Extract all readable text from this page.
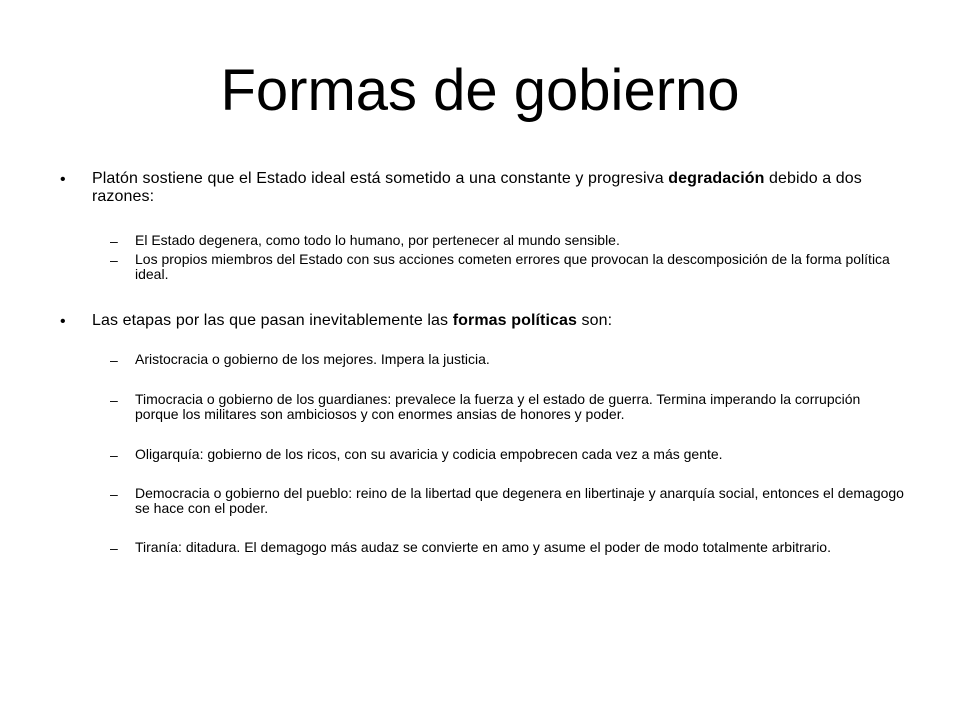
Formas de gobierno
• Platón sostiene que el Estado ideal está sometido a una constante y progresiva degradación debido a dos razones:
– El Estado degenera, como todo lo humano, por pertenecer al mundo sensible.
– Los propios miembros del Estado con sus acciones cometen errores que provocan la descomposición de la forma política ideal.
• Las etapas por las que pasan inevitablemente las formas políticas son:
– Aristocracia o gobierno de los mejores. Impera la justicia.
– Timocracia o gobierno de los guardianes: prevalece la fuerza y el estado de guerra. Termina imperando la corrupción porque los militares son ambiciosos y con enormes ansias de honores y poder.
– Oligarquía: gobierno de los ricos, con su avaricia y codicia empobrecen cada vez a más gente.
– Democracia o gobierno del pueblo: reino de la libertad que degenera en libertinaje y anarquía social, entonces el demagogo se hace con el poder.
– Tiranía: ditadura. El demagogo más audaz se convierte en amo y asume el poder de modo totalmente arbitrario.
